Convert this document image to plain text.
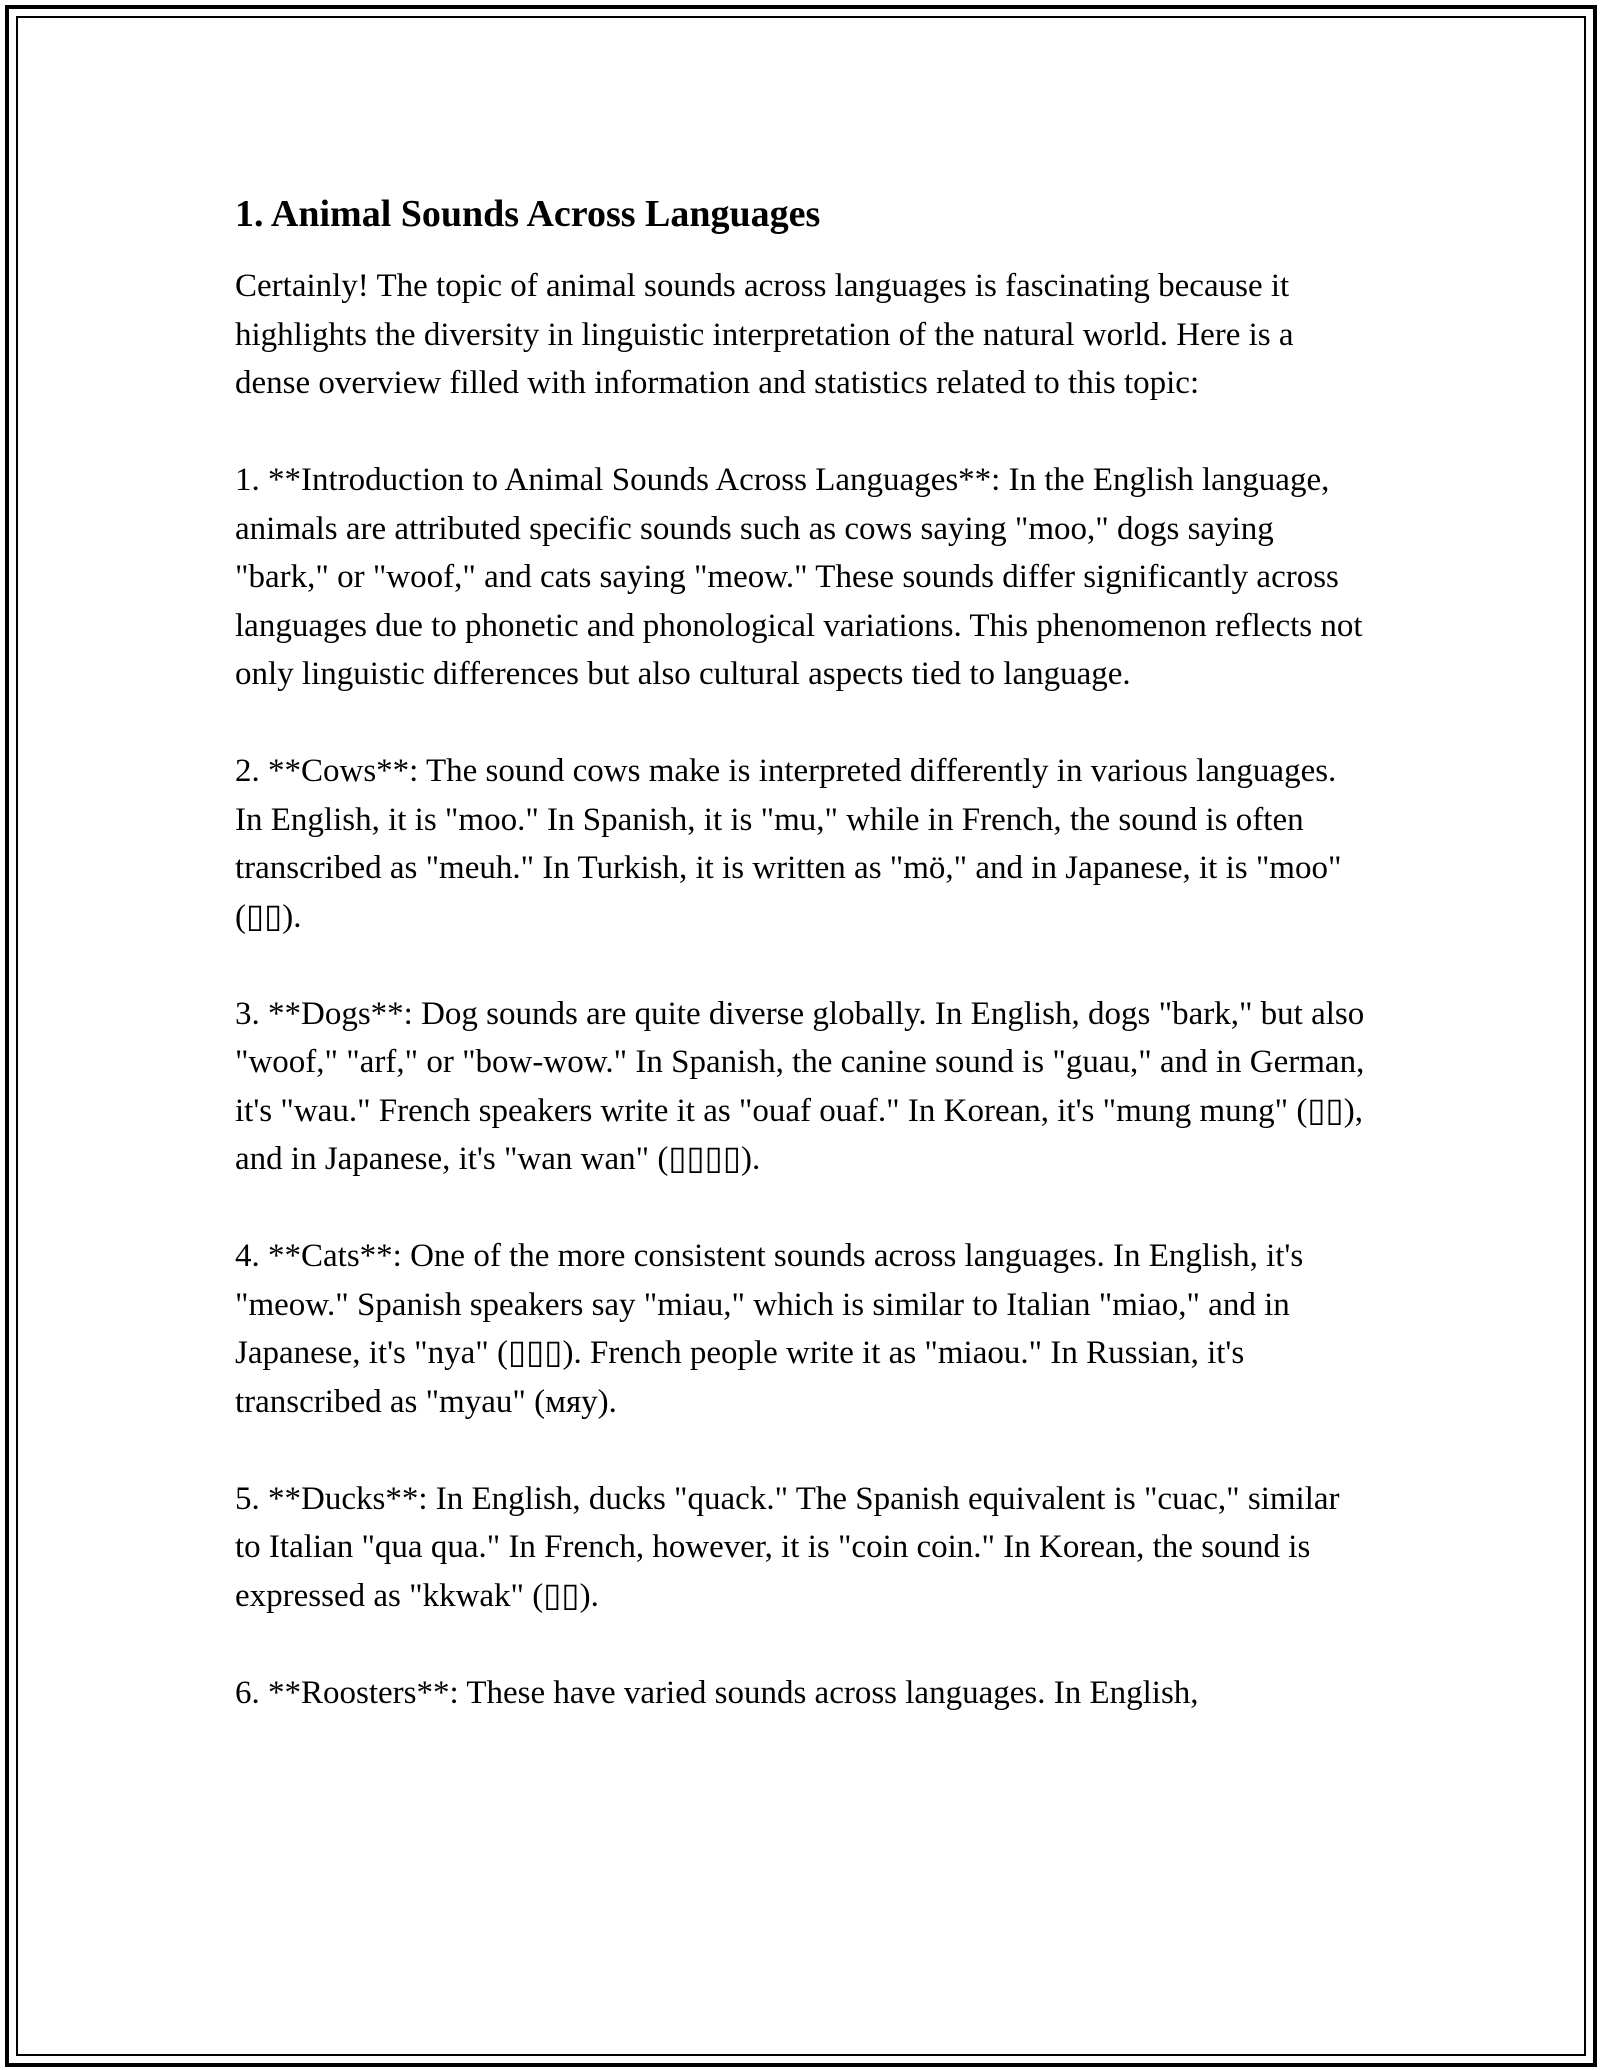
1. Animal Sounds Across Languages

Certainly! The topic of animal sounds across languages is fascinating because it highlights the diversity in linguistic interpretation of the natural world. Here is a dense overview filled with information and statistics related to this topic:

1. **Introduction to Animal Sounds Across Languages**: In the English language, animals are attributed specific sounds such as cows saying "moo," dogs saying "bark," or "woof," and cats saying "meow." These sounds differ significantly across languages due to phonetic and phonological variations. This phenomenon reflects not only linguistic differences but also cultural aspects tied to language.

2. **Cows**: The sound cows make is interpreted differently in various languages. In English, it is "moo." In Spanish, it is "mu," while in French, the sound is often transcribed as "meuh." In Turkish, it is written as "mö," and in Japanese, it is "moo" (▯▯).

3. **Dogs**: Dog sounds are quite diverse globally. In English, dogs "bark," but also "woof," "arf," or "bow-wow." In Spanish, the canine sound is "guau," and in German, it's "wau." French speakers write it as "ouaf ouaf." In Korean, it's "mung mung" (▯▯), and in Japanese, it's "wan wan" (▯▯▯▯).

4. **Cats**: One of the more consistent sounds across languages. In English, it's "meow." Spanish speakers say "miau," which is similar to Italian "miao," and in Japanese, it's "nya" (▯▯▯). French people write it as "miaou." In Russian, it's transcribed as "myau" (мяу).

5. **Ducks**: In English, ducks "quack." The Spanish equivalent is "cuac," similar to Italian "qua qua." In French, however, it is "coin coin." In Korean, the sound is expressed as "kkwak" (▯▯).

6. **Roosters**: These have varied sounds across languages. In English,
